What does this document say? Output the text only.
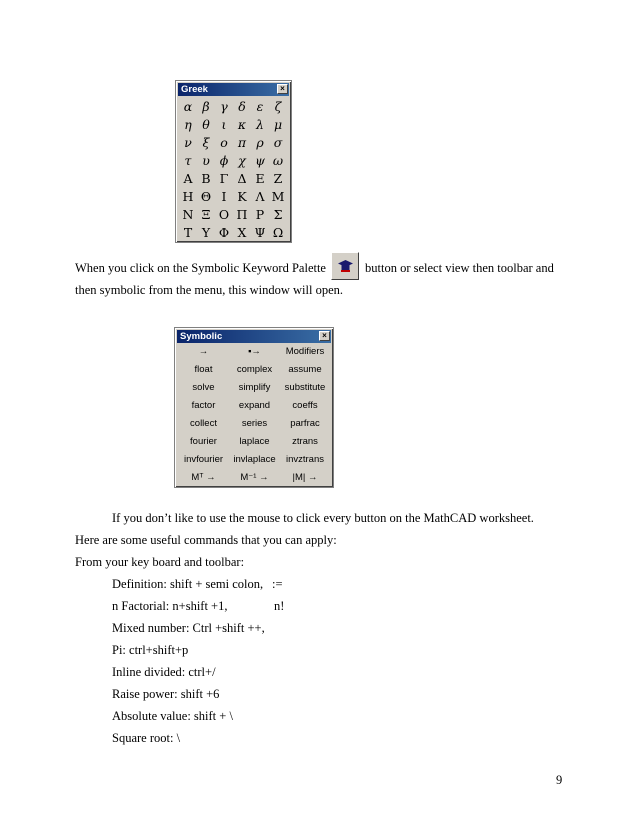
Greek	×
α β γ δ ε ζ
η θ ι κ λ μ
ν ξ ο π ρ σ
τ υ ϕ χ ψ ω
Α Β Γ Δ Ε Ζ
Η Θ Ι Κ Λ Μ
Ν Ξ Ο Π Ρ Σ
Τ Υ Φ Χ Ψ Ω
When you click on the Symbolic Keyword Palette	button or select view then toolbar and
then symbolic from the menu, this window will open.
Symbolic	×
→	▪→	Modifiers
float	complex	assume
solve	simplify	substitute
factor	expand	coeffs
collect	series	parfrac
fourier	laplace	ztrans
invfourier	invlaplace	invztrans
Mᵀ →	M⁻¹ →	|M| →
If you don’t like to use the mouse to click every button on the MathCAD worksheet.
Here are some useful commands that you can apply:
From your key board and toolbar:
Definition: shift + semi colon, :=
n Factorial: n+shift +1,	n!
Mixed number: Ctrl +shift ++,
Pi: ctrl+shift+p
Inline divided: ctrl+/
Raise power: shift +6
Absolute value: shift + \
Square root: \
9
